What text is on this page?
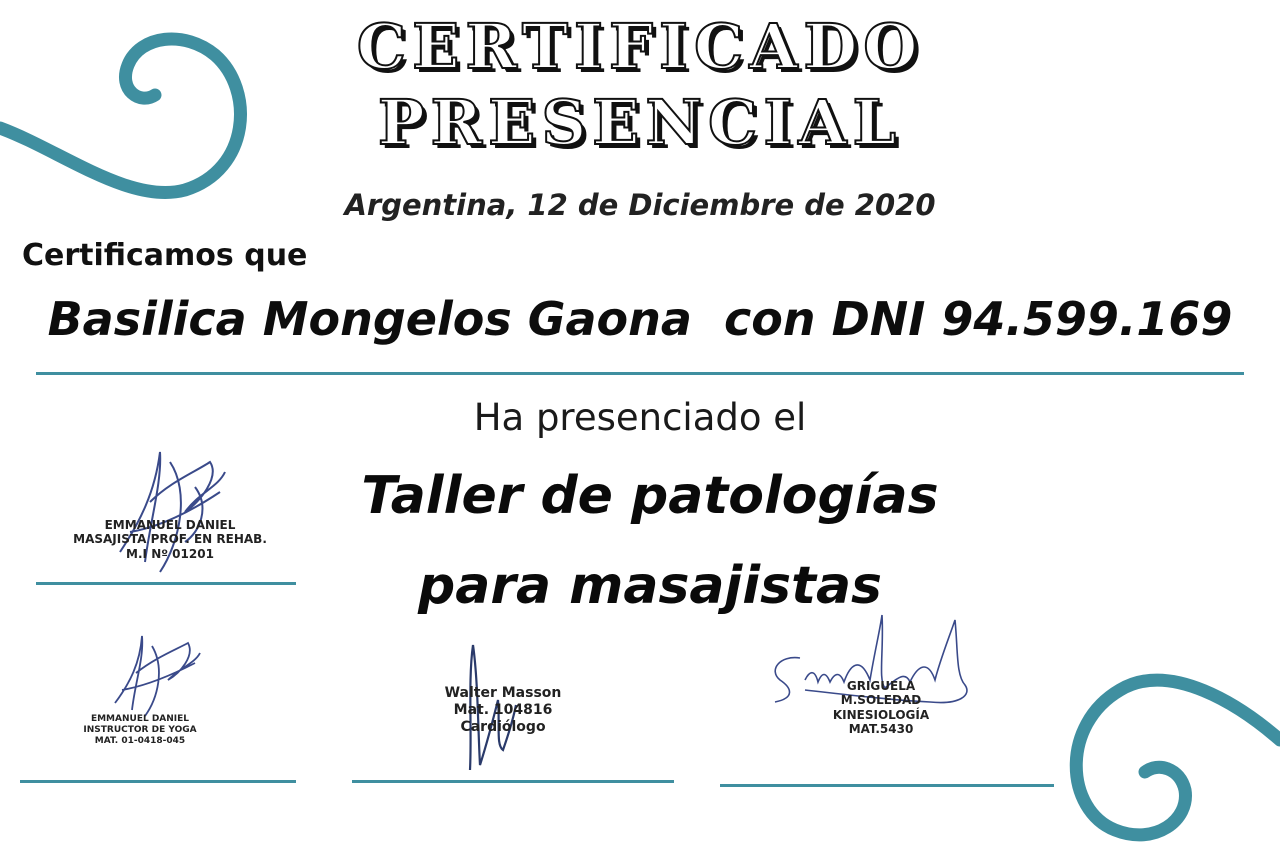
CERTIFICADO
PRESENCIAL
Argentina, 12 de Diciembre de 2020
Certificamos que
Basilica Mongelos Gaona  con DNI 94.599.169
Ha presenciado el
Taller de patologías
para masajistas
EMMANUEL DANIEL
MASAJISTA PROF. EN REHAB.
M.I Nº 01201
EMMANUEL DANIEL
INSTRUCTOR DE YOGA
MAT. 01-0418-045
Walter Masson
Mat. 104816
Cardiólogo
GRIGUELA
M.SOLEDAD
KINESIOLOGÍA
MAT.5430
